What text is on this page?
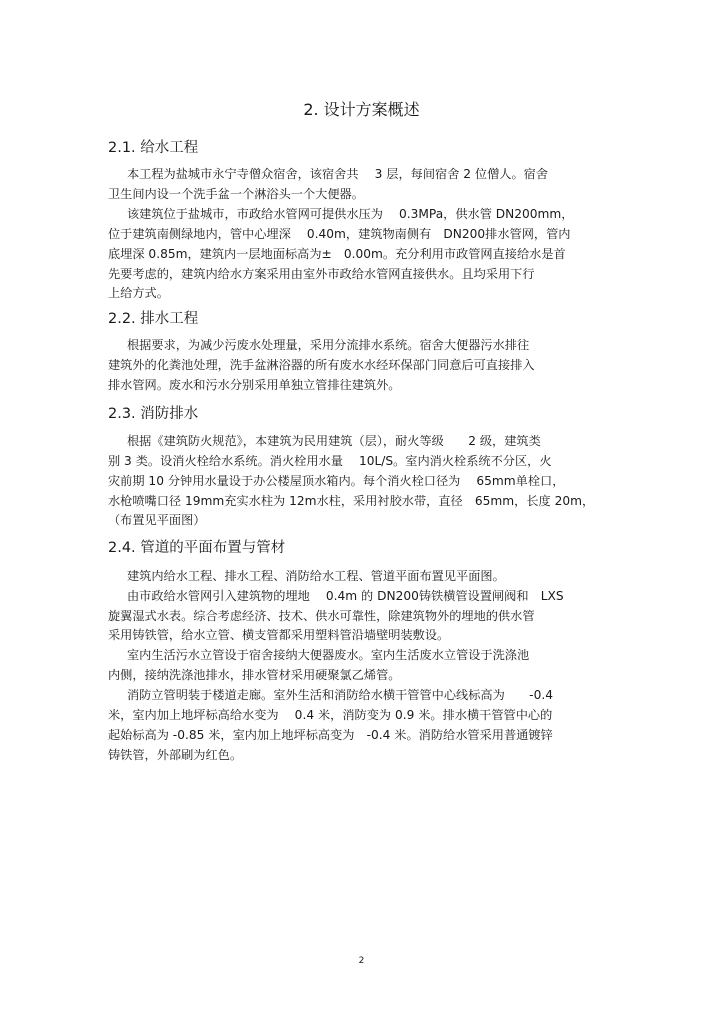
2. 设计方案概述
2.1. 给水工程

本工程为盐城市永宁寺僧众宿舍，该宿舍共　 3 层，每间宿舍 2 位僧人。宿舍

卫生间内设一个洗手盆一个淋浴头一个大便器。

该建筑位于盐城市，市政给水管网可提供水压为　 0.3MPa，供水管 DN200mm，

位于建筑南侧绿地内，管中心埋深　 0.40m，建筑物南侧有　DN200排水管网，管内

底埋深 0.85m，建筑内一层地面标高为±　0.00m。充分利用市政管网直接给水是首

先要考虑的，建筑内给水方案采用由室外市政给水管网直接供水。且均采用下行

上给方式。

2.2. 排水工程

根据要求，为减少污废水处理量，采用分流排水系统。宿舍大便器污水排往

建筑外的化粪池处理，洗手盆淋浴器的所有废水水经环保部门同意后可直接排入

排水管网。废水和污水分别采用单独立管排往建筑外。

2.3. 消防排水

根据《建筑防火规范》，本建筑为民用建筑（层），耐火等级　　2 级，建筑类

别 3 类。设消火栓给水系统。消火栓用水量　 10L/S。室内消火栓系统不分区，火

灾前期 10 分钟用水量设于办公楼屋顶水箱内。每个消火栓口径为　 65mm单栓口，

水枪喷嘴口径 19mm充实水柱为 12m水柱，采用衬胶水带，直径　65mm，长度 20m，

（布置见平面图）

2.4. 管道的平面布置与管材

建筑内给水工程、排水工程、消防给水工程、管道平面布置见平面图。

由市政给水管网引入建筑物的埋地　 0.4m 的 DN200铸铁横管设置闸阀和　LXS

旋翼湿式水表。综合考虑经济、技术、供水可靠性，除建筑物外的埋地的供水管

采用铸铁管，给水立管、横支管都采用塑料管沿墙壁明装敷设。

室内生活污水立管设于宿舍接纳大便器废水。室内生活废水立管设于洗涤池

内侧，接纳洗涤池排水，排水管材采用硬聚氯乙烯管。

消防立管明装于楼道走廊。室外生活和消防给水横干管管中心线标高为　　-0.4

米，室内加上地坪标高给水变为　 0.4 米，消防变为 0.9 米。排水横干管管中心的

起始标高为 -0.85 米，室内加上地坪标高变为　-0.4 米。消防给水管采用普通镀锌

铸铁管，外部刷为红色。

2
